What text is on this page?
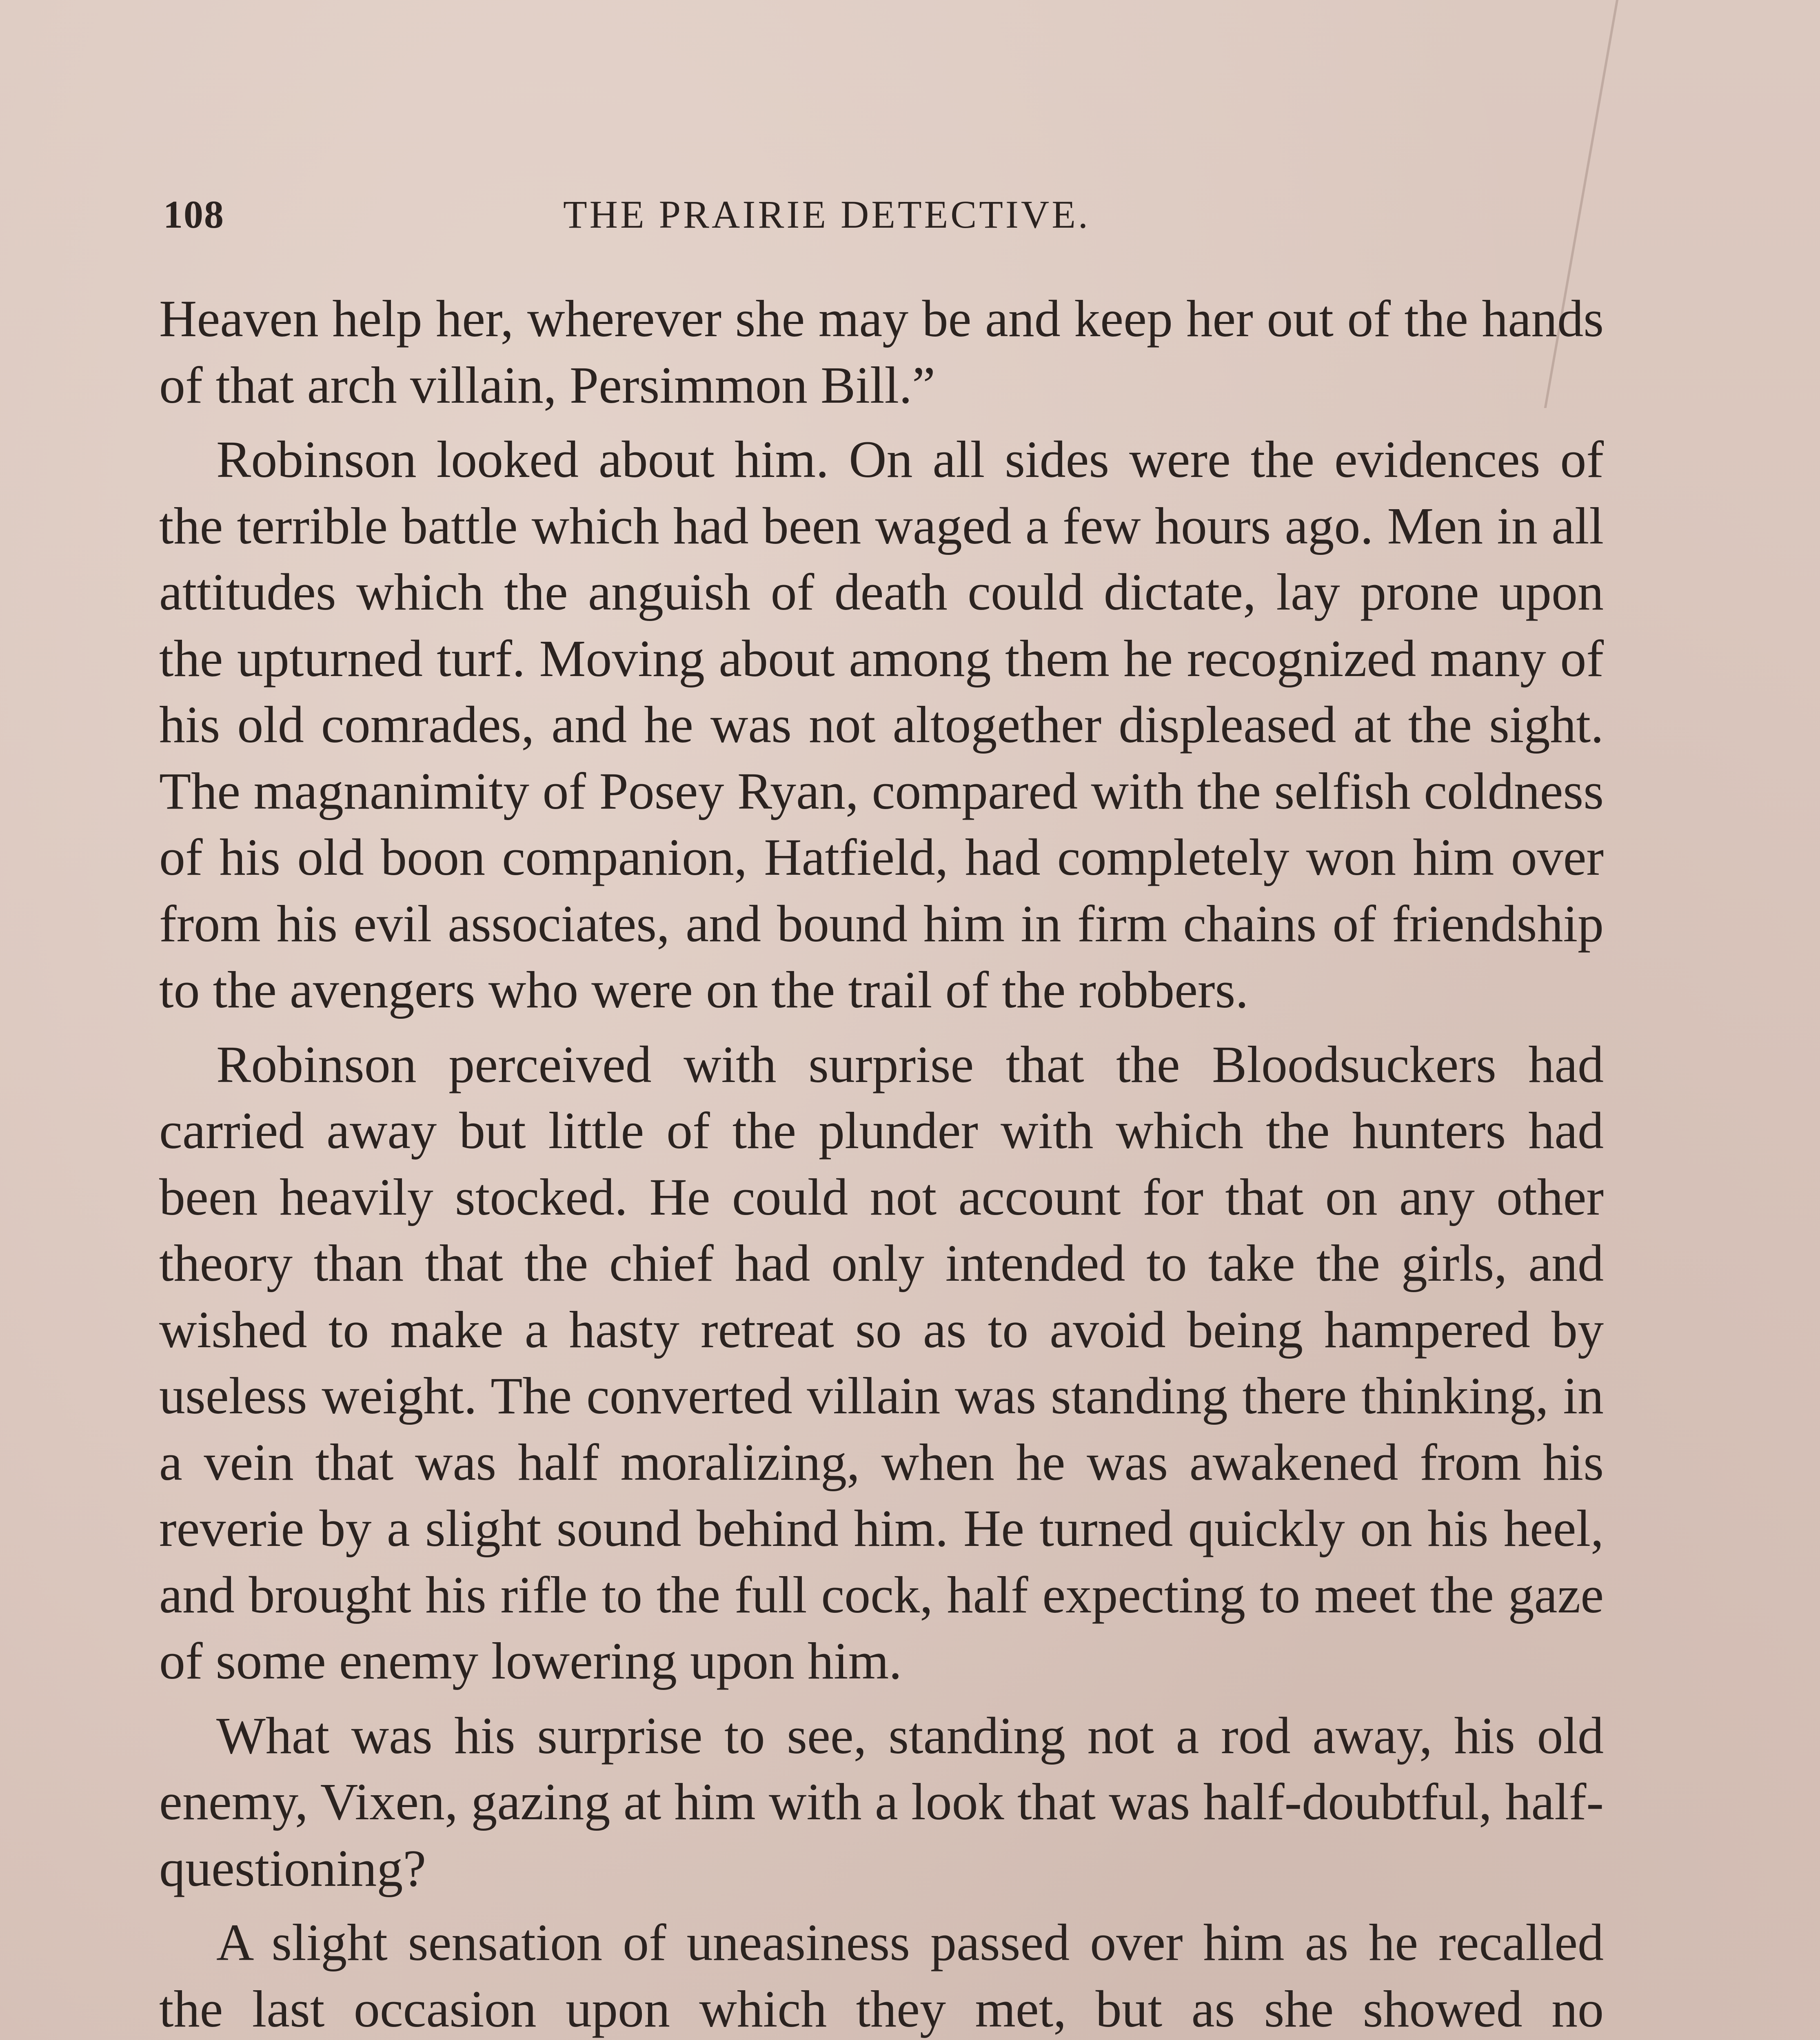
108	THE PRAIRIE DETECTIVE.

Heaven help her, wherever she may be and keep her out of the hands of that arch villain, Persimmon Bill.”

Robinson looked about him. On all sides were the evidences of the terrible battle which had been waged a few hours ago. Men in all attitudes which the anguish of death could dictate, lay prone upon the upturned turf. Moving about among them he recognized many of his old comrades, and he was not altogether displeased at the sight. The magnanimity of Posey Ryan, compared with the selfish coldness of his old boon companion, Hatfield, had completely won him over from his evil associates, and bound him in firm chains of friendship to the avengers who were on the trail of the robbers.

Robinson perceived with surprise that the Bloodsuckers had carried away but little of the plunder with which the hunters had been heavily stocked. He could not account for that on any other theory than that the chief had only intended to take the girls, and wished to make a hasty retreat so as to avoid being hampered by useless weight. The converted villain was standing there thinking, in a vein that was half moralizing, when he was awakened from his reverie by a slight sound behind him. He turned quickly on his heel, and brought his rifle to the full cock, half expecting to meet the gaze of some enemy lowering upon him.

What was his surprise to see, standing not a rod away, his old enemy, Vixen, gazing at him with a look that was half-doubtful, half-questioning?

A slight sensation of uneasiness passed over him as he recalled the last occasion upon which they met, but as she showed no
